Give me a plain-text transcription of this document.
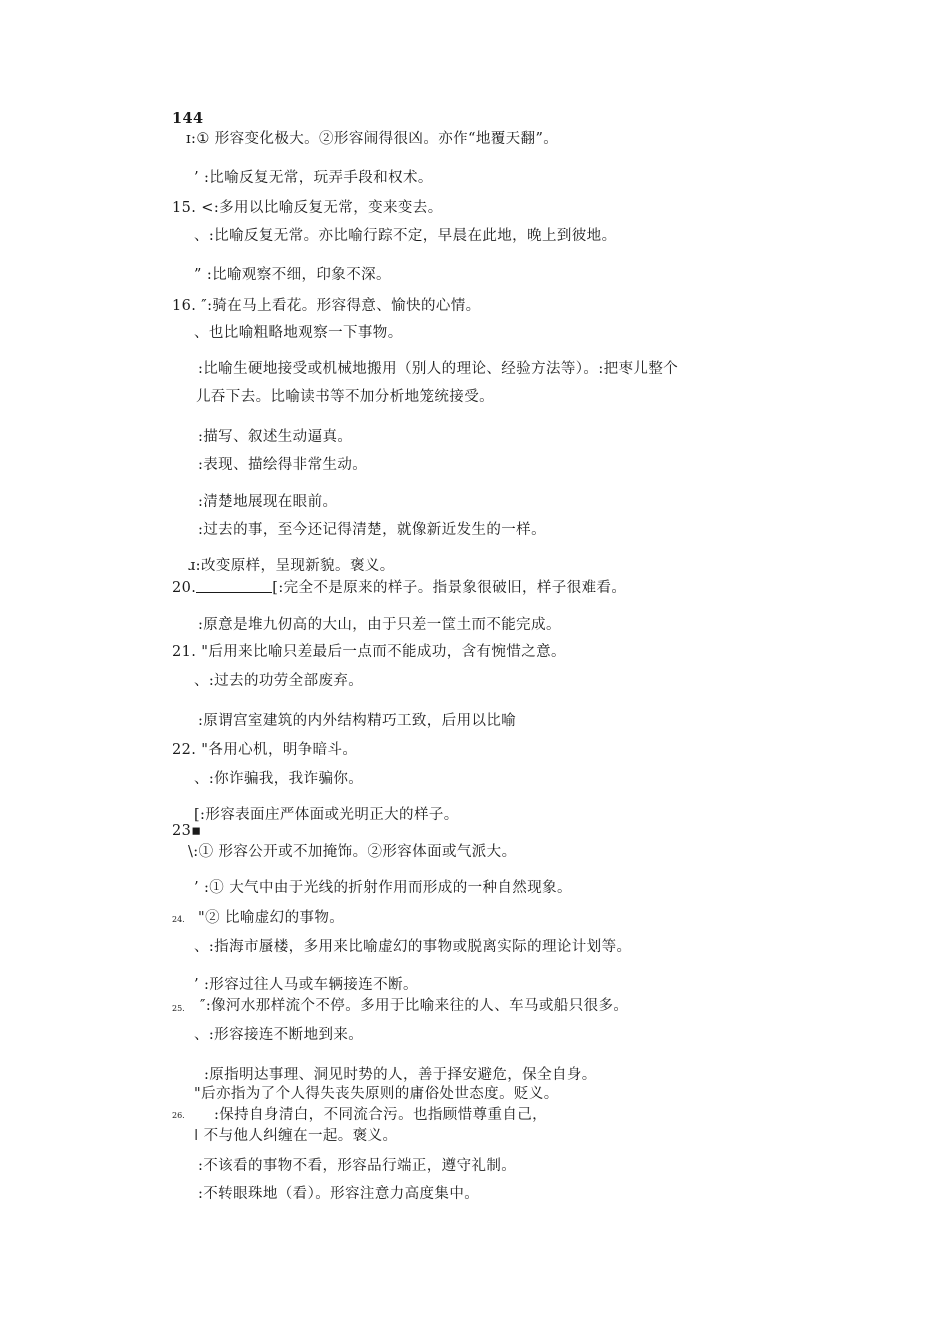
144
ɪ:① 形容变化极大。②形容闹得很凶。亦作“地覆天翻”。
’ :比喻反复无常，玩弄手段和权术。
15. <:多用以比喻反复无常，变来变去。
、:比喻反复无常。亦比喻行踪不定，早晨在此地，晚上到彼地。
” :比喻观察不细，印象不深。
16. ″:骑在马上看花。形容得意、愉快的心情。
、也比喻粗略地观察一下事物。
:比喻生硬地接受或机械地搬用（别人的理论、经验方法等）。:把枣儿整个
儿吞下去。比喻读书等不加分析地笼统接受。
:描写、叙述生动逼真。
:表现、描绘得非常生动。
:清楚地展现在眼前。
:过去的事，至今还记得清楚，就像新近发生的一样。
ɹ:改变原样，呈现新貌。褒义。
20.	[:完全不是原来的样子。指景象很破旧，样子很难看。
:原意是堆九仞高的大山，由于只差一筐土而不能完成。
21. "后用来比喻只差最后一点而不能成功，含有惋惜之意。
、:过去的功劳全部废弃。
:原谓宫室建筑的内外结构精巧工致，后用以比喻
22. "各用心机，明争暗斗。
、:你诈骗我，我诈骗你。
[:形容表面庄严体面或光明正大的样子。
23▪
\:① 形容公开或不加掩饰。②形容体面或气派大。
’ :① 大气中由于光线的折射作用而形成的一种自然现象。
24. "② 比喻虚幻的事物。
、:指海市蜃楼，多用来比喻虚幻的事物或脱离实际的理论计划等。
’ :形容过往人马或车辆接连不断。
25. ″:像河水那样流个不停。多用于比喻来往的人、车马或船只很多。
、:形容接连不断地到来。
:原指明达事理、洞见时势的人，善于择安避危，保全自身。
"后亦指为了个人得失丧失原则的庸俗处世态度。贬义。
26. :保持自身清白，不同流合污。也指顾惜尊重自己，
ǀ 不与他人纠缠在一起。褒义。
:不该看的事物不看，形容品行端正，遵守礼制。
:不转眼珠地（看）。形容注意力高度集中。
